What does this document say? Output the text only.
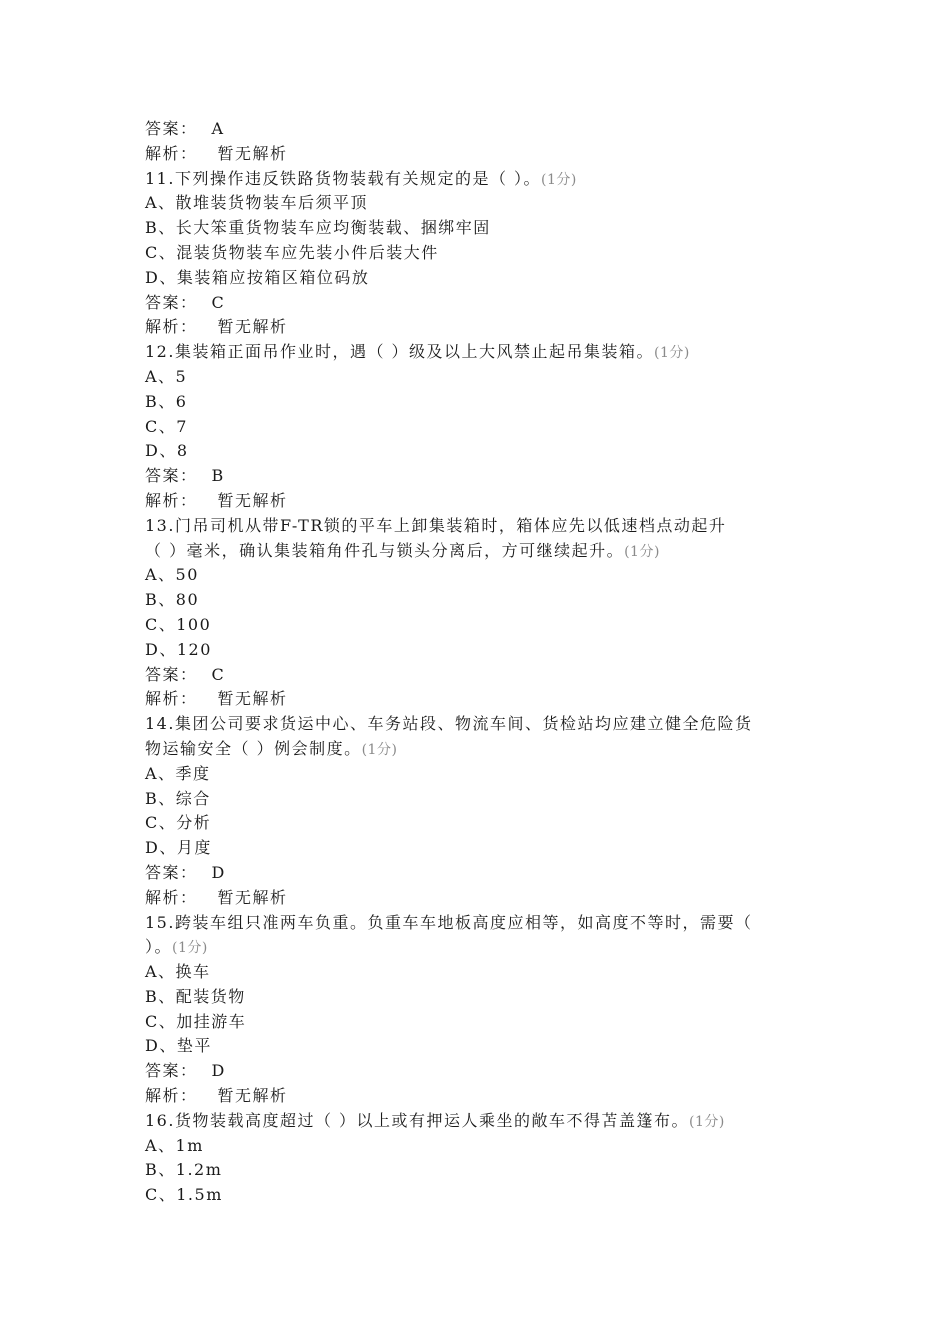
答案： A
解析： 暂无解析
11.下列操作违反铁路货物装载有关规定的是（ ）。(1分)
A、散堆装货物装车后须平顶
B、长大笨重货物装车应均衡装载、捆绑牢固
C、混装货物装车应先装小件后装大件
D、集装箱应按箱区箱位码放
答案： C
解析： 暂无解析
12.集装箱正面吊作业时，遇（ ）级及以上大风禁止起吊集装箱。(1分)
A、5
B、6
C、7
D、8
答案： B
解析： 暂无解析
13.门吊司机从带F-TR锁的平车上卸集装箱时，箱体应先以低速档点动起升
（ ）毫米，确认集装箱角件孔与锁头分离后，方可继续起升。(1分)
A、50
B、80
C、100
D、120
答案： C
解析： 暂无解析
14.集团公司要求货运中心、车务站段、物流车间、货检站均应建立健全危险货
物运输安全（ ）例会制度。(1分)
A、季度
B、综合
C、分析
D、月度
答案： D
解析： 暂无解析
15.跨装车组只准两车负重。负重车车地板高度应相等，如高度不等时，需要（
）。(1分)
A、换车
B、配装货物
C、加挂游车
D、垫平
答案： D
解析： 暂无解析
16.货物装载高度超过（ ）以上或有押运人乘坐的敞车不得苫盖篷布。(1分)
A、1m
B、1.2m
C、1.5m
